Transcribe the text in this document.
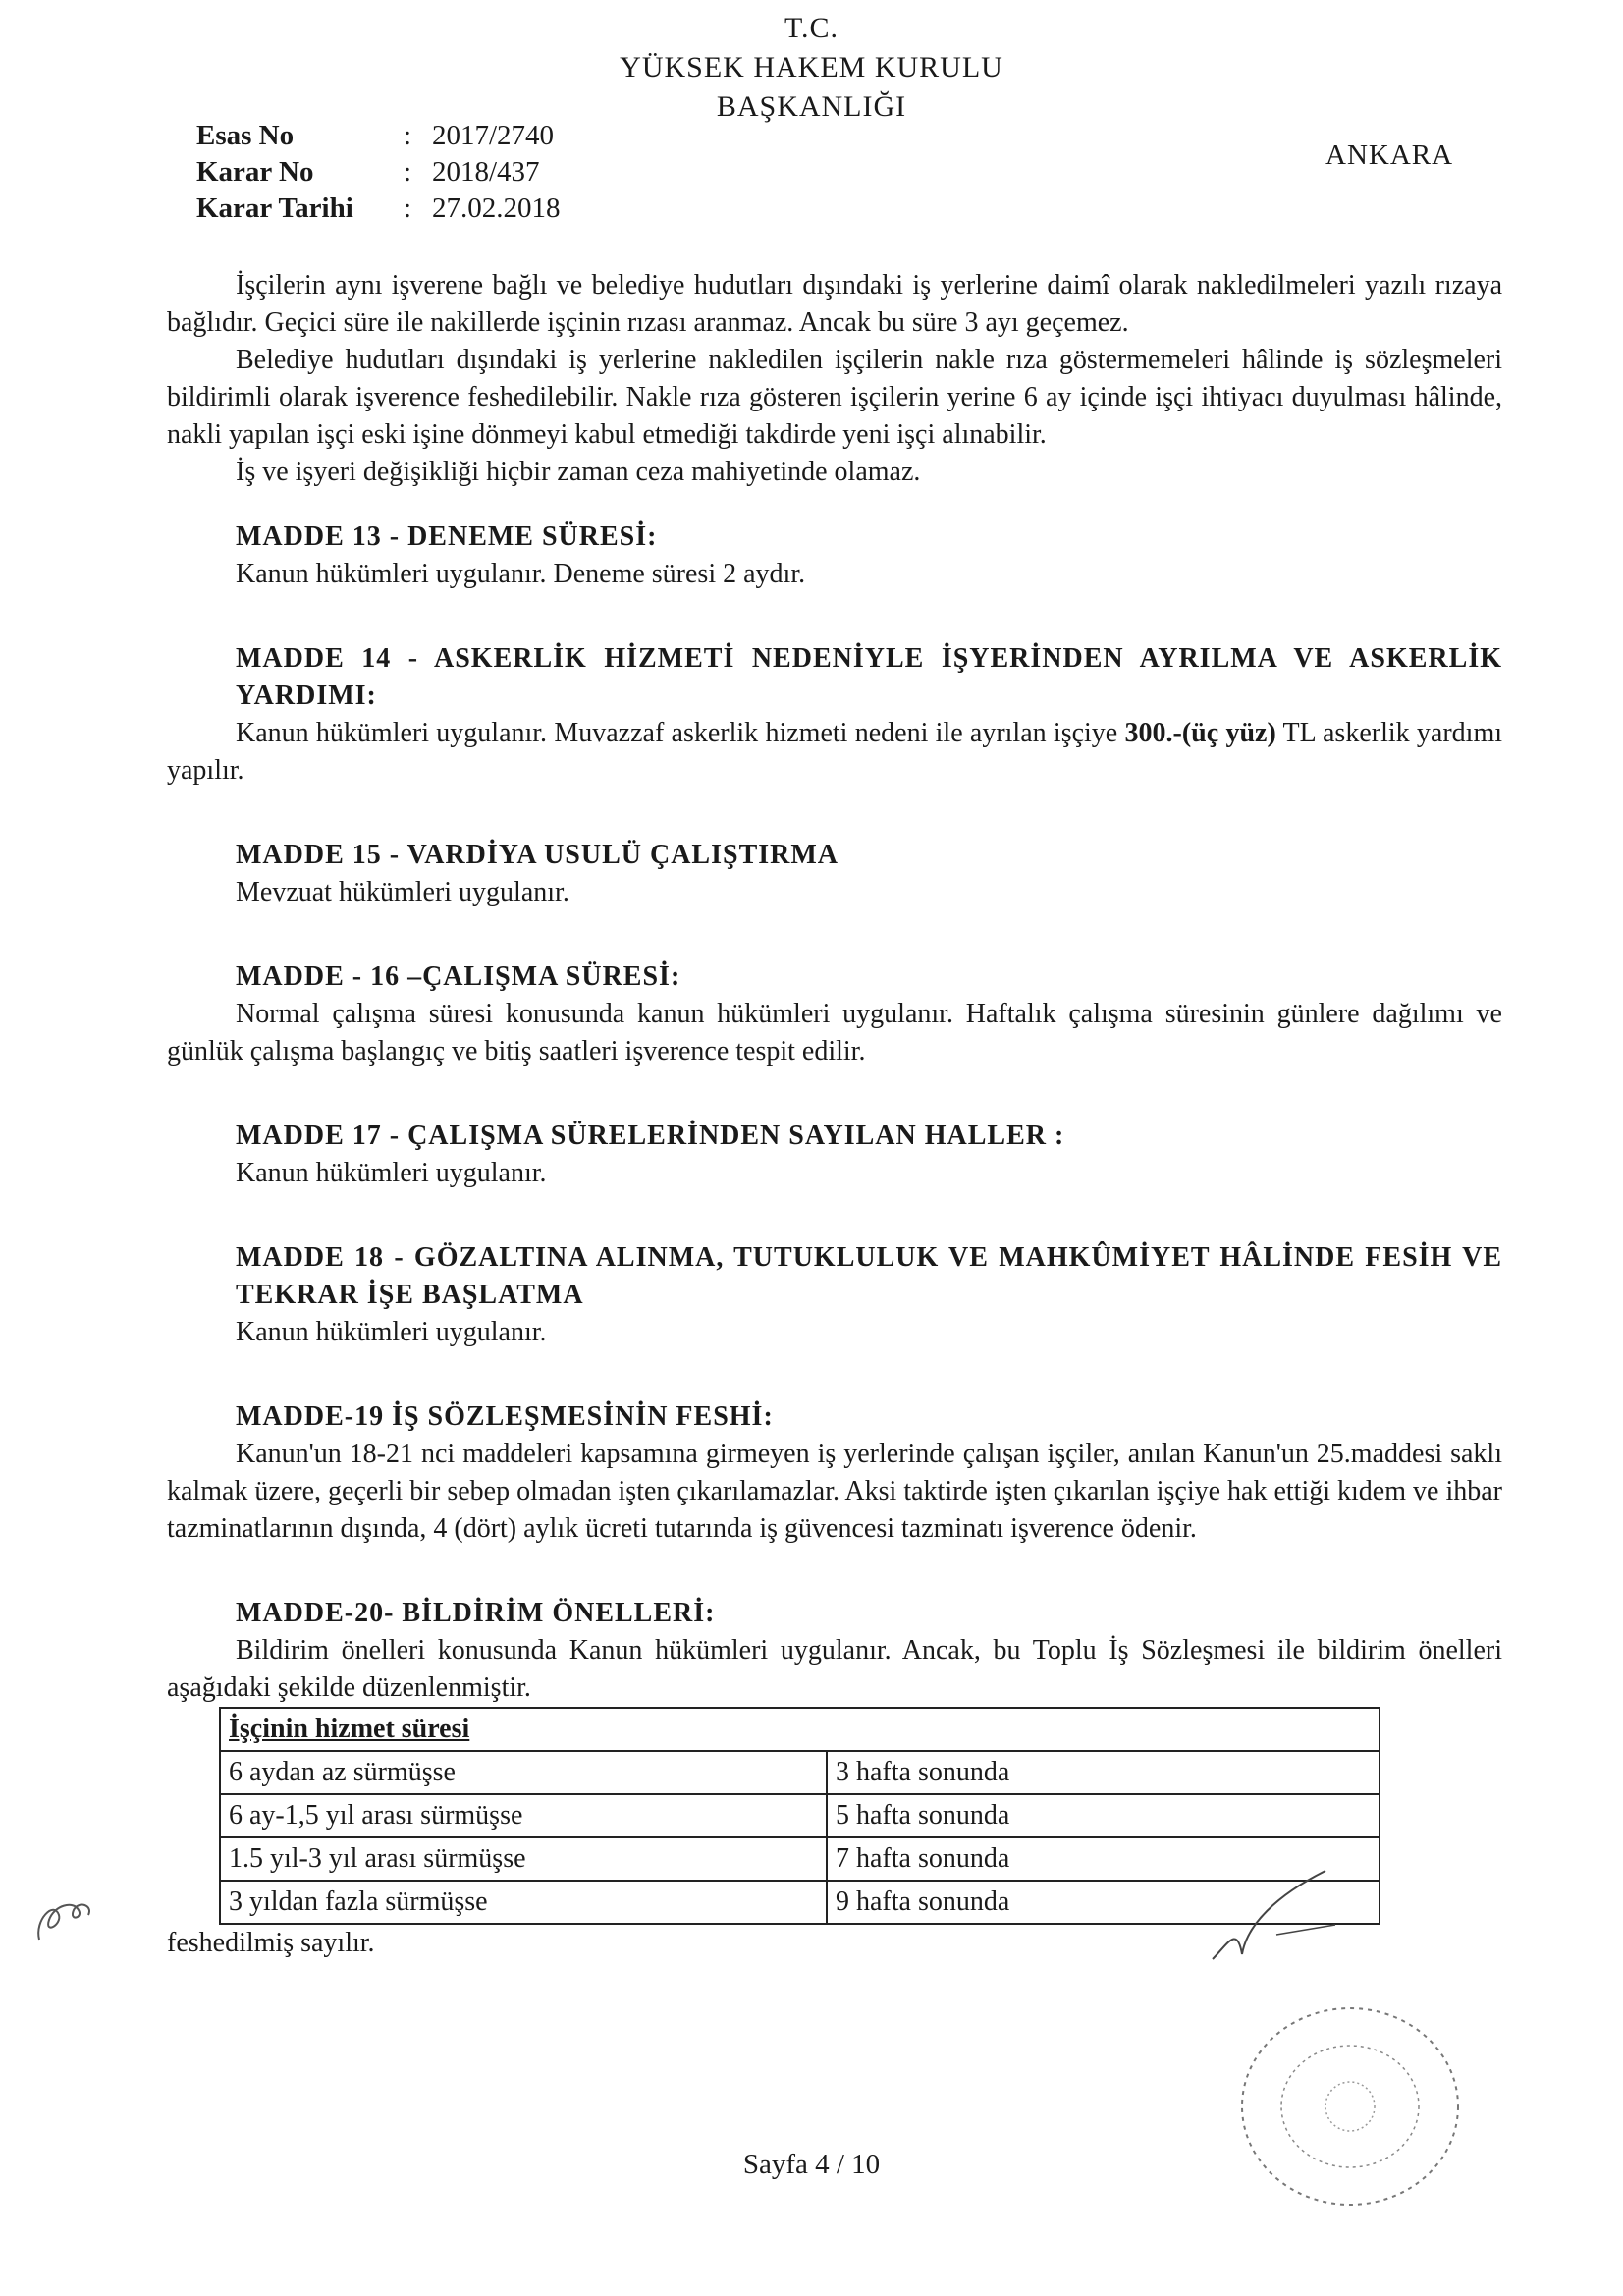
T.C.
YÜKSEK HAKEM KURULU
BAŞKANLIĞI
ANKARA
Esas No	: 2017/2740
Karar No	: 2018/437
Karar Tarihi	: 27.02.2018

İşçilerin aynı işverene bağlı ve belediye hudutları dışındaki iş yerlerine daimî olarak nakledilmeleri yazılı rızaya bağlıdır. Geçici süre ile nakillerde işçinin rızası aranmaz. Ancak bu süre 3 ayı geçemez.

Belediye hudutları dışındaki iş yerlerine nakledilen işçilerin nakle rıza göstermemeleri hâlinde iş sözleşmeleri bildirimli olarak işverence feshedilebilir. Nakle rıza gösteren işçilerin yerine 6 ay içinde işçi ihtiyacı duyulması hâlinde, nakli yapılan işçi eski işine dönmeyi kabul etmediği takdirde yeni işçi alınabilir.

İş ve işyeri değişikliği hiçbir zaman ceza mahiyetinde olamaz.

MADDE 13 - DENEME SÜRESİ:

Kanun hükümleri uygulanır. Deneme süresi 2 aydır.

MADDE 14 - ASKERLİK HİZMETİ NEDENİYLE İŞYERİNDEN AYRILMA VE ASKERLİK YARDIMI:

Kanun hükümleri uygulanır. Muvazzaf askerlik hizmeti nedeni ile ayrılan işçiye 300.-(üç yüz) TL askerlik yardımı yapılır.

MADDE 15 - VARDİYA USULÜ ÇALIŞTIRMA

Mevzuat hükümleri uygulanır.

MADDE - 16 –ÇALIŞMA SÜRESİ:

Normal çalışma süresi konusunda kanun hükümleri uygulanır. Haftalık çalışma süresinin günlere dağılımı ve günlük çalışma başlangıç ve bitiş saatleri işverence tespit edilir.

MADDE 17 - ÇALIŞMA SÜRELERİNDEN SAYILAN HALLER :

Kanun hükümleri uygulanır.

MADDE 18 - GÖZALTINA ALINMA, TUTUKLULUK VE MAHKÛMİYET HÂLİNDE FESİH VE TEKRAR İŞE BAŞLATMA

Kanun hükümleri uygulanır.

MADDE-19 İŞ SÖZLEŞMESİNİN FESHİ:

Kanun'un 18-21 nci maddeleri kapsamına girmeyen iş yerlerinde çalışan işçiler, anılan Kanun'un 25.maddesi saklı kalmak üzere, geçerli bir sebep olmadan işten çıkarılamazlar. Aksi taktirde işten çıkarılan işçiye hak ettiği kıdem ve ihbar tazminatlarının dışında, 4 (dört) aylık ücreti tutarında iş güvencesi tazminatı işverence ödenir.

MADDE-20- BİLDİRİM ÖNELLERİ:

Bildirim önelleri konusunda Kanun hükümleri uygulanır. Ancak, bu Toplu İş Sözleşmesi ile bildirim önelleri aşağıdaki şekilde düzenlenmiştir.

İşçinin hizmet süresi	
6 aydan az sürmüşse	3 hafta sonunda
6 ay-1,5 yıl arası sürmüşse	5 hafta sonunda
1.5 yıl-3 yıl arası sürmüşse	7 hafta sonunda
3 yıldan fazla sürmüşse	9 hafta sonunda

feshedilmiş sayılır.

Sayfa 4 / 10
